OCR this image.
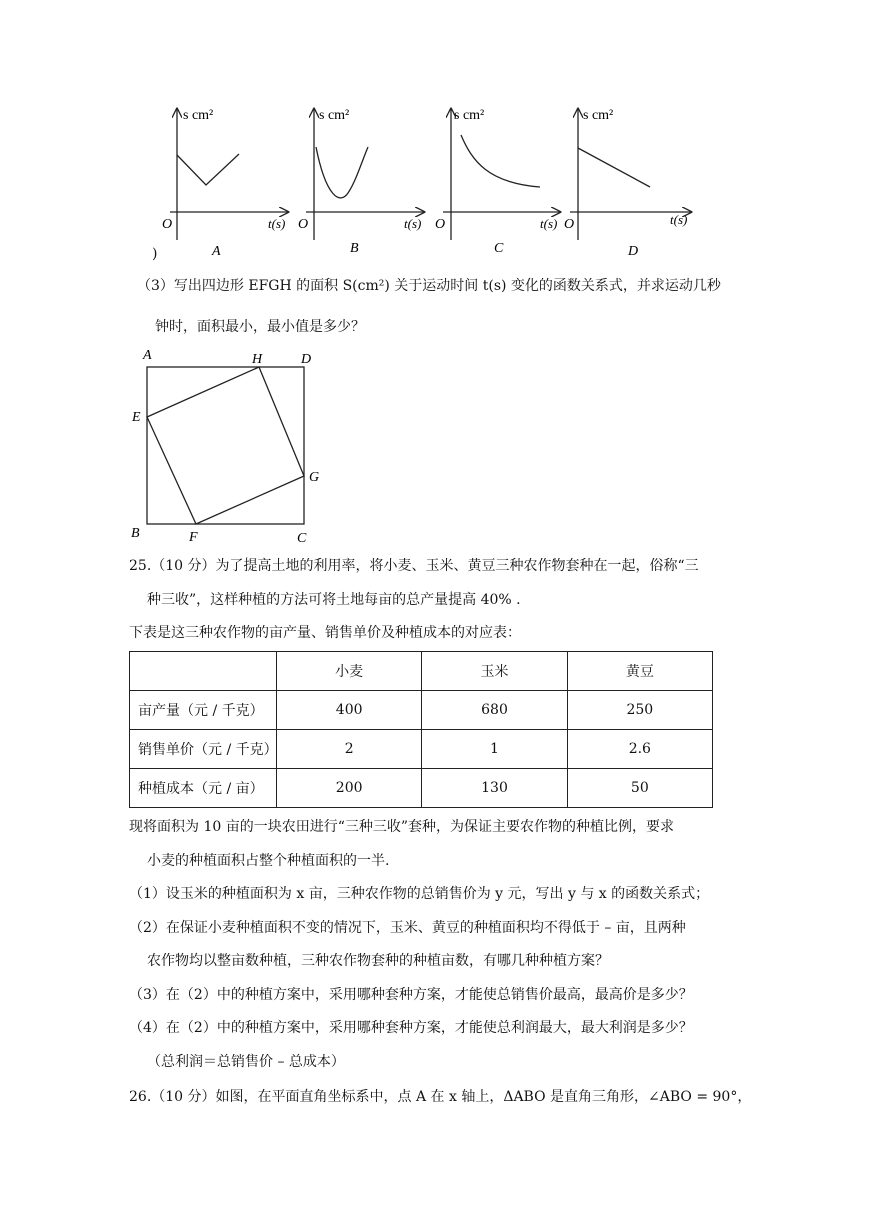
s cm²
O	t(s)
A
s cm²
O	t(s)
B
s cm²
O	t(s)
C
s cm²
O	t(s)
D
)
（3）写出四边形 EFGH 的面积 S(cm²) 关于运动时间 t(s) 变化的函数关系式，并求运动几秒
钟时，面积最小，最小值是多少？
A	H	D
E
G
B	F	C
25.（10 分）为了提高土地的利用率，将小麦、玉米、黄豆三种农作物套种在一起，俗称“三
种三收”，这样种植的方法可将土地每亩的总产量提高 40% .
下表是这三种农作物的亩产量、销售单价及种植成本的对应表：
	小麦	玉米	黄豆
亩产量（元 / 千克）	400	680	250
销售单价（元 / 千克）	2	1	2.6
种植成本（元 / 亩）	200	130	50
现将面积为 10 亩的一块农田进行“三种三收”套种，为保证主要农作物的种植比例，要求
小麦的种植面积占整个种植面积的一半.
（1）设玉米的种植面积为 x 亩，三种农作物的总销售价为 y 元，写出 y 与 x 的函数关系式；
（2）在保证小麦种植面积不变的情况下，玉米、黄豆的种植面积均不得低于 – 亩，且两种
农作物均以整亩数种植，三种农作物套种的种植亩数，有哪几种种植方案？
（3）在（2）中的种植方案中，采用哪种套种方案，才能使总销售价最高，最高价是多少？
（4）在（2）中的种植方案中，采用哪种套种方案，才能使总利润最大，最大利润是多少？
（总利润＝总销售价 – 总成本）
26.（10 分）如图，在平面直角坐标系中，点 A 在 x 轴上，ΔABO 是直角三角形，∠ABO = 90°，
